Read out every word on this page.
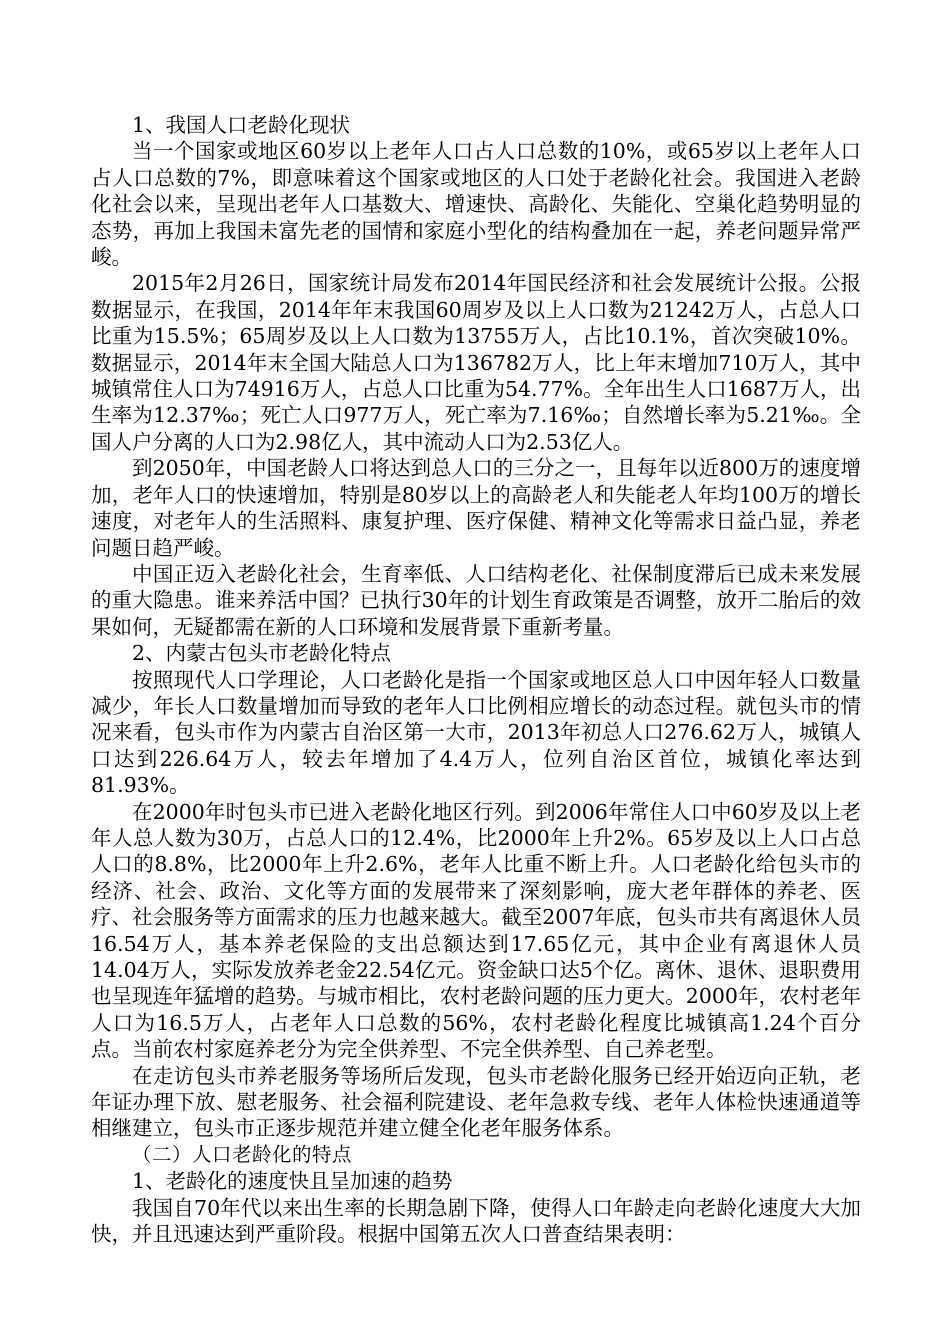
1、我国人口老龄化现状

当一个国家或地区60岁以上老年人口占人口总数的10%，或65岁以上老年人口占人口总数的7%，即意味着这个国家或地区的人口处于老龄化社会。我国进入老龄化社会以来，呈现出老年人口基数大、增速快、高龄化、失能化、空巢化趋势明显的态势，再加上我国未富先老的国情和家庭小型化的结构叠加在一起，养老问题异常严峻。

2015年2月26日，国家统计局发布2014年国民经济和社会发展统计公报。公报数据显示，在我国，2014年年末我国60周岁及以上人口数为21242万人，占总人口比重为15.5%；65周岁及以上人口数为13755万人，占比10.1%，首次突破10%。数据显示，2014年末全国大陆总人口为136782万人，比上年末增加710万人，其中城镇常住人口为74916万人，占总人口比重为54.77%。全年出生人口1687万人，出生率为12.37‰；死亡人口977万人，死亡率为7.16‰；自然增长率为5.21‰。全国人户分离的人口为2.98亿人，其中流动人口为2.53亿人。

到2050年，中国老龄人口将达到总人口的三分之一，且每年以近800万的速度增加，老年人口的快速增加，特别是80岁以上的高龄老人和失能老人年均100万的增长速度，对老年人的生活照料、康复护理、医疗保健、精神文化等需求日益凸显，养老问题日趋严峻。

中国正迈入老龄化社会，生育率低、人口结构老化、社保制度滞后已成未来发展的重大隐患。谁来养活中国？已执行30年的计划生育政策是否调整，放开二胎后的效果如何，无疑都需在新的人口环境和发展背景下重新考量。

2、内蒙古包头市老龄化特点

按照现代人口学理论，人口老龄化是指一个国家或地区总人口中因年轻人口数量减少，年长人口数量增加而导致的老年人口比例相应增长的动态过程。就包头市的情况来看，包头市作为内蒙古自治区第一大市，2013年初总人口276.62万人，城镇人口达到226.64万人，较去年增加了4.4万人，位列自治区首位，城镇化率达到81.93%。

在2000年时包头市已进入老龄化地区行列。到2006年常住人口中60岁及以上老年人总人数为30万，占总人口的12.4%，比2000年上升2%。65岁及以上人口占总人口的8.8%，比2000年上升2.6%，老年人比重不断上升。人口老龄化给包头市的经济、社会、政治、文化等方面的发展带来了深刻影响，庞大老年群体的养老、医疗、社会服务等方面需求的压力也越来越大。截至2007年底，包头市共有离退休人员16.54万人，基本养老保险的支出总额达到17.65亿元，其中企业有离退休人员14.04万人，实际发放养老金22.54亿元。资金缺口达5个亿。离休、退休、退职费用也呈现连年猛增的趋势。与城市相比，农村老龄问题的压力更大。2000年，农村老年人口为16.5万人，占老年人口总数的56%，农村老龄化程度比城镇高1.24个百分点。当前农村家庭养老分为完全供养型、不完全供养型、自己养老型。

在走访包头市养老服务等场所后发现，包头市老龄化服务已经开始迈向正轨，老年证办理下放、慰老服务、社会福利院建设、老年急救专线、老年人体检快速通道等相继建立，包头市正逐步规范并建立健全化老年服务体系。

（二）人口老龄化的特点
1、老龄化的速度快且呈加速的趋势

我国自70年代以来出生率的长期急剧下降，使得人口年龄走向老龄化速度大大加快，并且迅速达到严重阶段。根据中国第五次人口普查结果表明：
